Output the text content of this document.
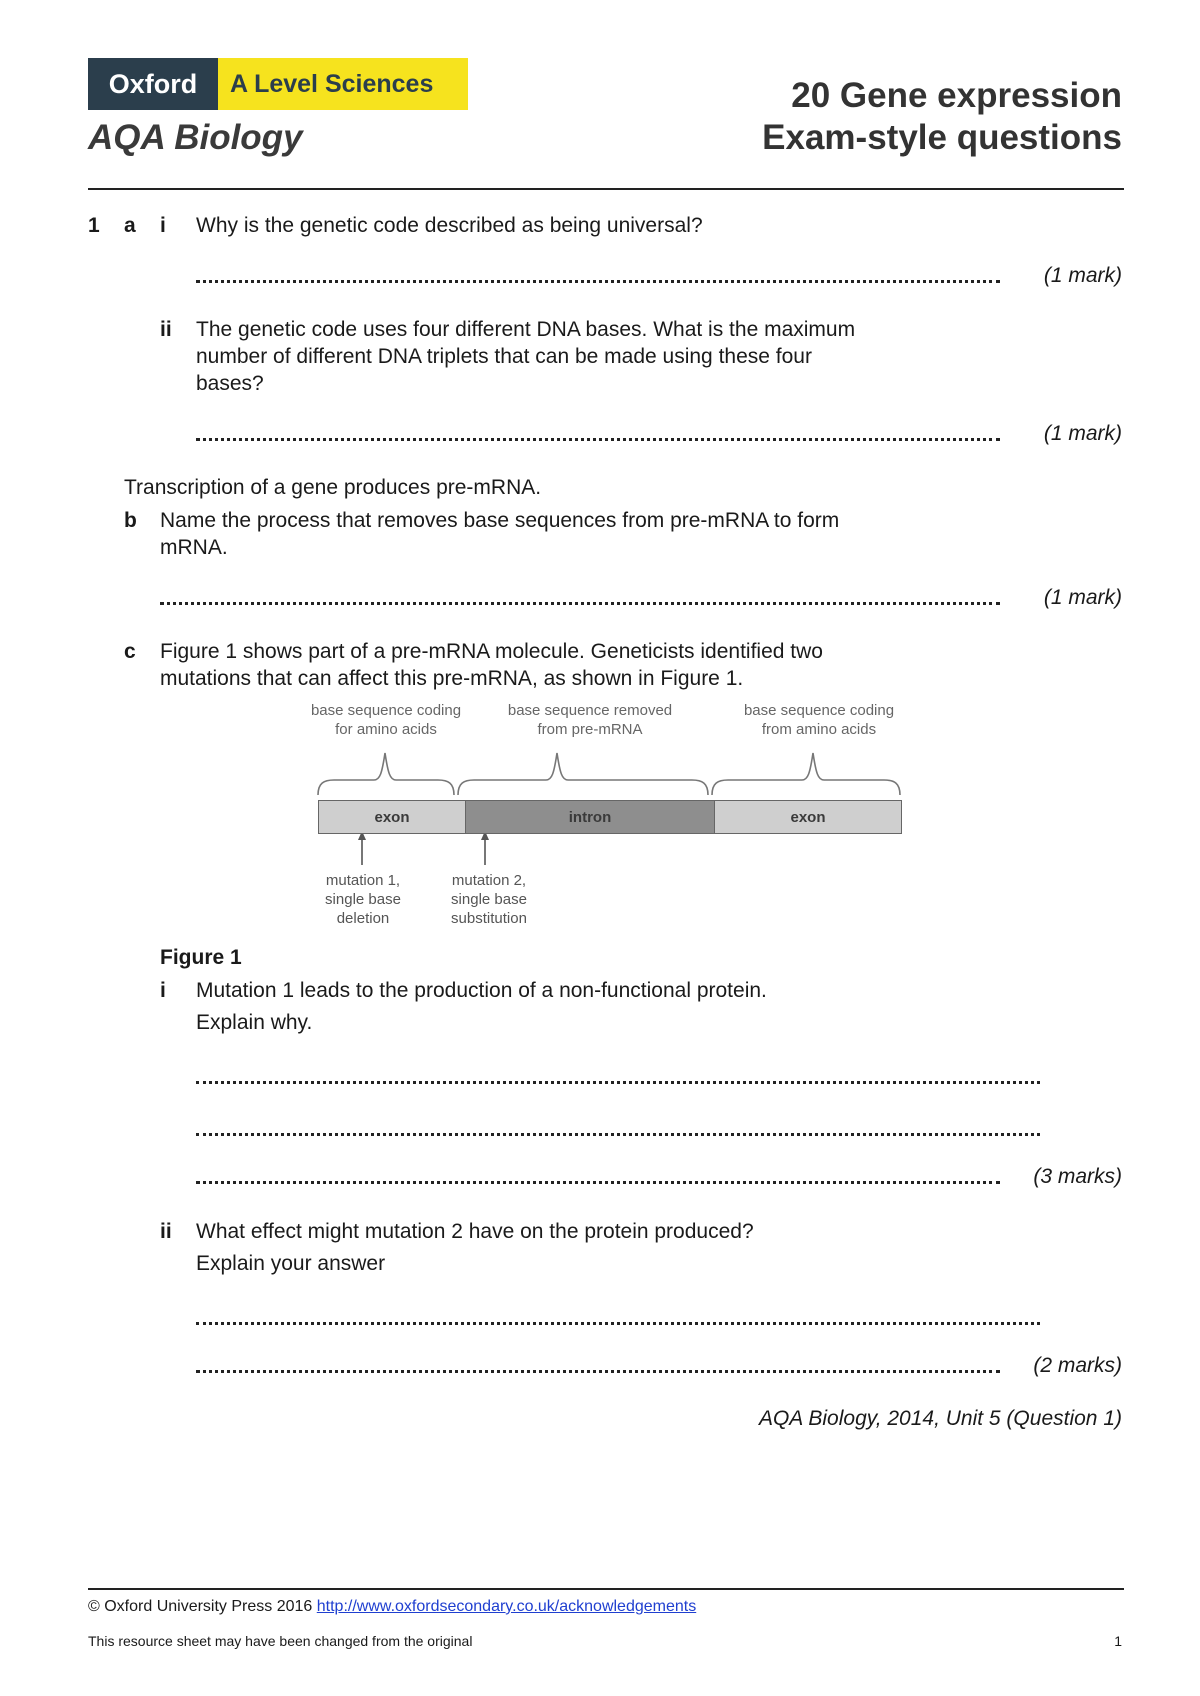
Oxford	A Level Sciences
AQA Biology
20 Gene expression
Exam-style questions
1 a i Why is the genetic code described as being universal?
(1 mark)
ii The genetic code uses four different DNA bases. What is the maximum
number of different DNA triplets that can be made using these four
bases?
(1 mark)
Transcription of a gene produces pre-mRNA.
b Name the process that removes base sequences from pre-mRNA to form
mRNA.
(1 mark)
c Figure 1 shows part of a pre-mRNA molecule. Geneticists identified two
mutations that can affect this pre-mRNA, as shown in Figure 1.
base sequence coding
for amino acids
base sequence removed
from pre-mRNA
base sequence coding
from amino acids
exon	intron	exon
mutation 1,
single base
deletion
mutation 2,
single base
substitution
Figure 1
i Mutation 1 leads to the production of a non-functional protein.
Explain why.
(3 marks)
ii What effect might mutation 2 have on the protein produced?
Explain your answer
(2 marks)
AQA Biology, 2014, Unit 5 (Question 1)
© Oxford University Press 2016 http://www.oxfordsecondary.co.uk/acknowledgements
This resource sheet may have been changed from the original	1
